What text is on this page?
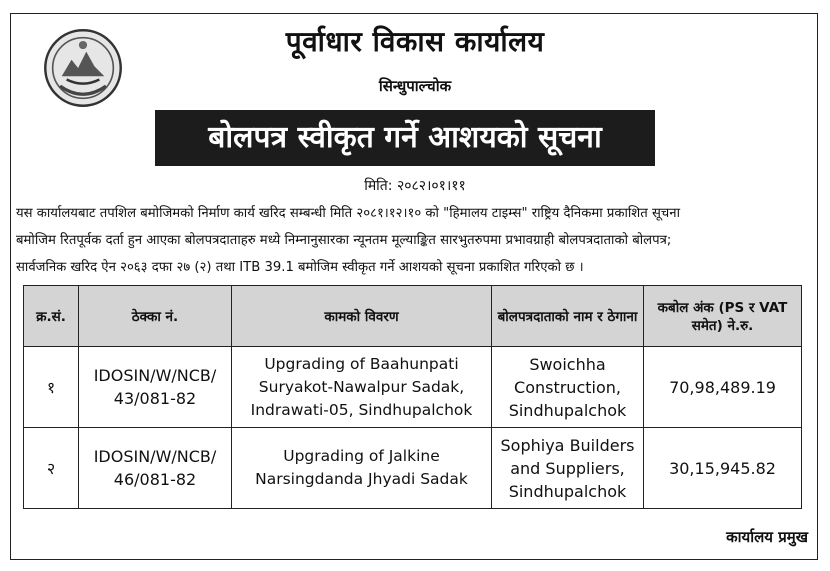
पूर्वाधार विकास कार्यालय
सिन्धुपाल्चोक
बोलपत्र स्वीकृत गर्ने आशयको सूचना
मिति: २०८२।०१।११
यस कार्यालयबाट तपशिल बमोजिमको निर्माण कार्य खरिद सम्बन्धी मिति २०८१।१२।१० को "हिमालय टाइम्स" राष्ट्रिय दैनिकमा प्रकाशित सूचना
बमोजिम रितपूर्वक दर्ता हुन आएका बोलपत्रदाताहरु मध्ये निम्नानुसारका न्यूनतम मूल्याङ्कित सारभुतरुपमा प्रभावग्राही बोलपत्रदाताको बोलपत्र;
सार्वजनिक खरिद ऐन २०६३ दफा २७ (२) तथा ITB 39.1 बमोजिम स्वीकृत गर्ने आशयको सूचना प्रकाशित गरिएको छ ।
क्र.सं.	ठेक्का नं.	कामको विवरण	बोलपत्रदाताको नाम र ठेगाना	कबोल अंक (PS र VAT समेत) ने.रु.
१	IDOSIN/W/NCB/ 43/081-82	Upgrading of Baahunpati Suryakot-Nawalpur Sadak, Indrawati-05, Sindhupalchok	Swoichha Construction, Sindhupalchok	70,98,489.19
२	IDOSIN/W/NCB/ 46/081-82	Upgrading of Jalkine Narsingdanda Jhyadi Sadak	Sophiya Builders and Suppliers, Sindhupalchok	30,15,945.82
कार्यालय प्रमुख
